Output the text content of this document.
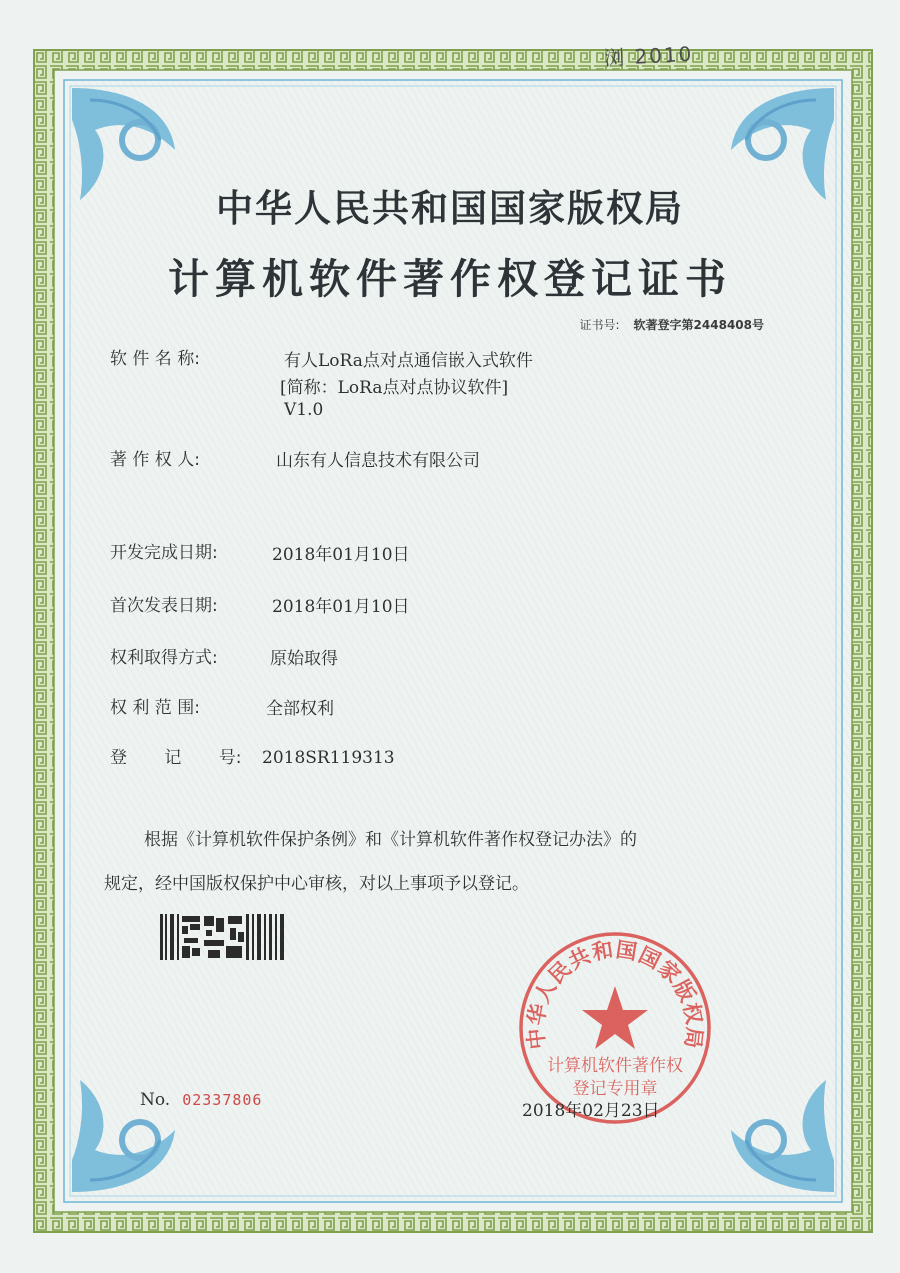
浏 2010
中华人民共和国国家版权局
计算机软件著作权登记证书
证书号: 软著登字第2448408号
软 件 名 称:	有人LoRa点对点通信嵌入式软件
[简称：LoRa点对点协议软件]
V1.0
著 作 权 人:	山东有人信息技术有限公司
开发完成日期:	2018年01月10日
首次发表日期:	2018年01月10日
权利取得方式:	原始取得
权 利 范 围:	全部权利
登 记 号: 2018SR119313
根据《计算机软件保护条例》和《计算机软件著作权登记办法》的
规定，经中国版权保护中心审核，对以上事项予以登记。
中华人民共和国国家版权局
计算机软件著作权
登记专用章
No. 02337806
2018年02月23日
